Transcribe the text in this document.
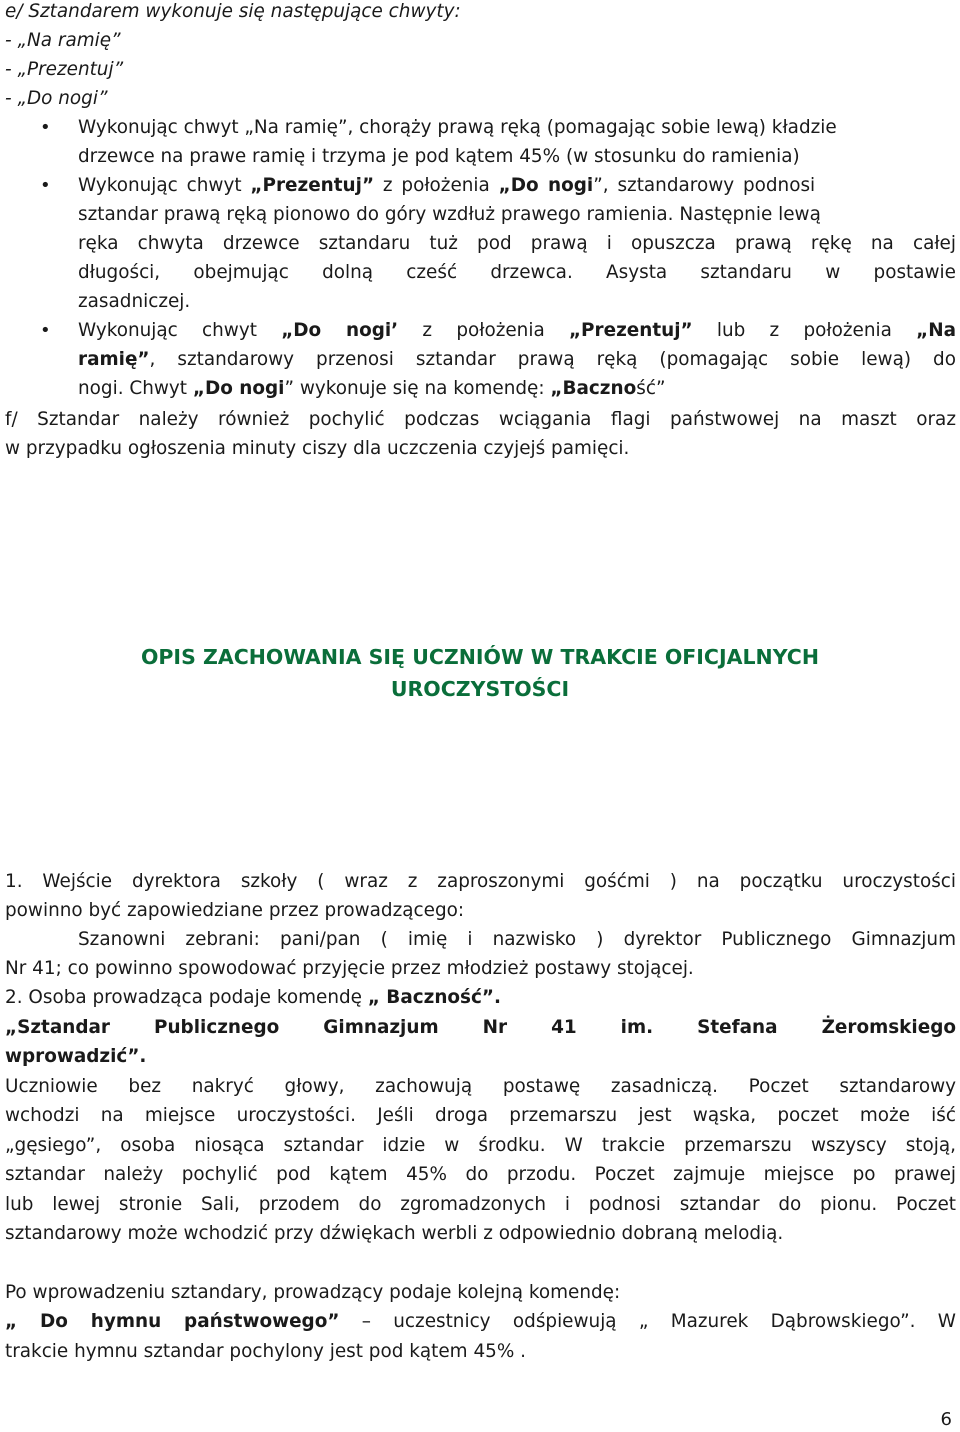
e/ Sztandarem wykonuje się następujące chwyty:
- „Na ramię”
- „Prezentuj”
- „Do nogi”
• Wykonując chwyt „Na ramię”, chorąży prawą ręką (pomagając sobie lewą) kładzie
drzewce na prawe ramię i trzyma je pod kątem 45% (w stosunku do ramienia)
• Wykonując chwyt „Prezentuj” z położenia „Do nogi”, sztandarowy podnosi
sztandar prawą ręką pionowo do góry wzdłuż prawego ramienia. Następnie lewą
ręka chwyta drzewce sztandaru tuż pod prawą i opuszcza prawą rękę na całej
długości, obejmując dolną cześć drzewca. Asysta sztandaru w postawie
zasadniczej.
• Wykonując chwyt „Do nogi’ z położenia „Prezentuj” lub z położenia „Na
ramię”, sztandarowy przenosi sztandar prawą ręką (pomagając sobie lewą) do
nogi. Chwyt „Do nogi” wykonuje się na komendę: „Baczność”
f/ Sztandar należy również pochylić podczas wciągania flagi państwowej na maszt oraz
w przypadku ogłoszenia minuty ciszy dla uczczenia czyjejś pamięci.
OPIS ZACHOWANIA SIĘ UCZNIÓW W TRAKCIE OFICJALNYCH
UROCZYSTOŚCI
1. Wejście dyrektora szkoły ( wraz z zaproszonymi gośćmi ) na początku uroczystości
powinno być zapowiedziane przez prowadzącego:
Szanowni zebrani: pani/pan ( imię i nazwisko ) dyrektor Publicznego Gimnazjum
Nr 41; co powinno spowodować przyjęcie przez młodzież postawy stojącej.
2. Osoba prowadząca podaje komendę „ Baczność”.
„Sztandar Publicznego Gimnazjum Nr 41 im. Stefana Żeromskiego
wprowadzić”.
Uczniowie bez nakryć głowy, zachowują postawę zasadniczą. Poczet sztandarowy
wchodzi na miejsce uroczystości. Jeśli droga przemarszu jest wąska, poczet może iść
„gęsiego”, osoba niosąca sztandar idzie w środku. W trakcie przemarszu wszyscy stoją,
sztandar należy pochylić pod kątem 45% do przodu. Poczet zajmuje miejsce po prawej
lub lewej stronie Sali, przodem do zgromadzonych i podnosi sztandar do pionu. Poczet
sztandarowy może wchodzić przy dźwiękach werbli z odpowiednio dobraną melodią.
Po wprowadzeniu sztandary, prowadzący podaje kolejną komendę:
„ Do hymnu państwowego” – uczestnicy odśpiewują „ Mazurek Dąbrowskiego”. W
trakcie hymnu sztandar pochylony jest pod kątem 45% .
6
